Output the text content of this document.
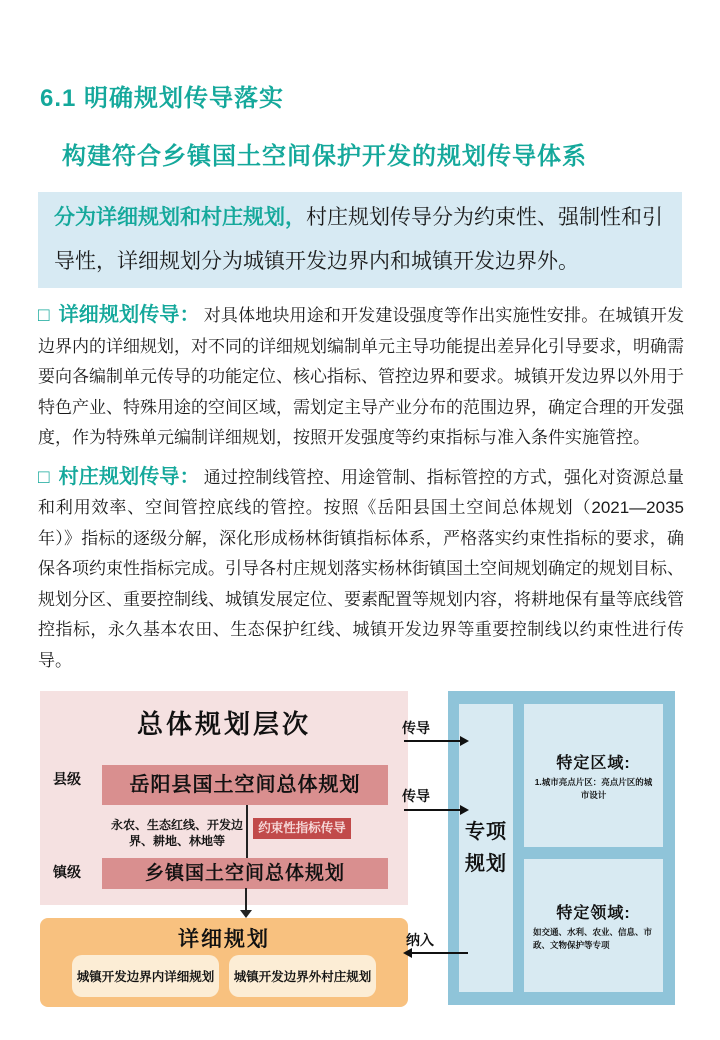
6.1 明确规划传导落实
构建符合乡镇国土空间保护开发的规划传导体系
分为详细规划和村庄规划，村庄规划传导分为约束性、强制性和引导性，详细规划分为城镇开发边界内和城镇开发边界外。

□ 详细规划传导： 对具体地块用途和开发建设强度等作出实施性安排。在城镇开发边界内的详细规划，对不同的详细规划编制单元主导功能提出差异化引导要求，明确需要向各编制单元传导的功能定位、核心指标、管控边界和要求。城镇开发边界以外用于特色产业、特殊用途的空间区域，需划定主导产业分布的范围边界，确定合理的开发强度，作为特殊单元编制详细规划，按照开发强度等约束指标与准入条件实施管控。

□ 村庄规划传导： 通过控制线管控、用途管制、指标管控的方式，强化对资源总量和利用效率、空间管控底线的管控。按照《岳阳县国土空间总体规划（2021—2035年）》指标的逐级分解，深化形成杨林街镇指标体系，严格落实约束性指标的要求，确保各项约束性指标完成。引导各村庄规划落实杨林街镇国土空间规划确定的规划目标、规划分区、重要控制线、城镇发展定位、要素配置等规划内容，将耕地保有量等底线管控指标，永久基本农田、生态保护红线、城镇开发边界等重要控制线以约束性进行传导。

总体规划层次
县级	岳阳县国土空间总体规划
永农、生态红线、开发边界、耕地、林地等
约束性指标传导
镇级	乡镇国土空间总体规划
详细规划
城镇开发边界内详细规划	城镇开发边界外村庄规划
专项规划
特定区域:
1.城市亮点片区：亮点片区的城市设计
特定领域:
如交通、水利、农业、信息、市政、文物保护等专项
传导
传导
纳入
